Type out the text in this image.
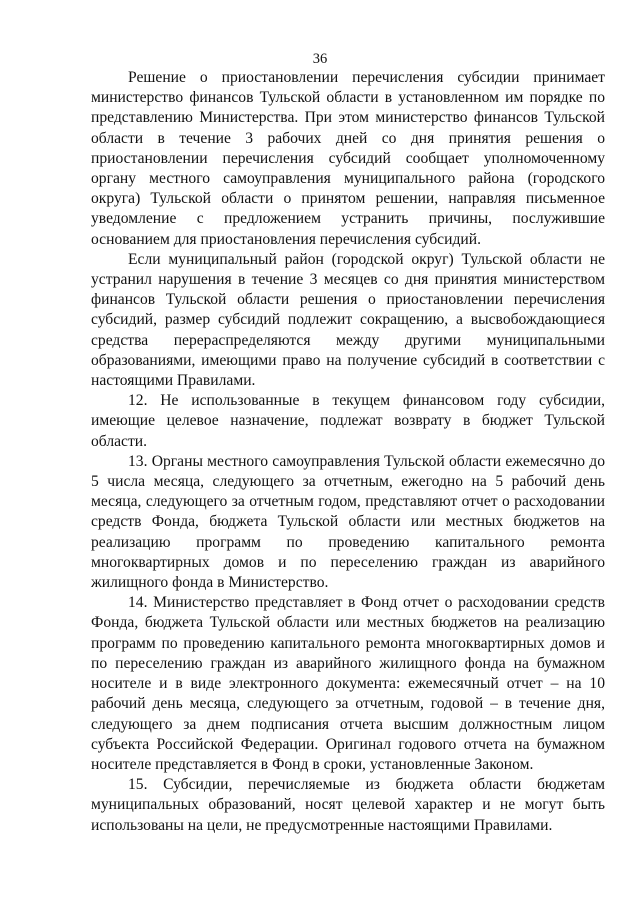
36

Решение о приостановлении перечисления субсидии принимает министерство финансов Тульской области в установленном им порядке по представлению Министерства. При этом министерство финансов Тульской области в течение 3 рабочих дней со дня принятия решения о приостановлении перечисления субсидий сообщает уполномоченному органу местного самоуправления муниципального района (городского округа) Тульской области о принятом решении, направляя письменное уведомление с предложением устранить причины, послужившие основанием для приостановления перечисления субсидий.

Если муниципальный район (городской округ) Тульской области не устранил нарушения в течение 3 месяцев со дня принятия министерством финансов Тульской области решения о приостановлении перечисления субсидий, размер субсидий подлежит сокращению, а высвобождающиеся средства перераспределяются между другими муниципальными образованиями, имеющими право на получение субсидий в соответствии с настоящими Правилами.

12. Не использованные в текущем финансовом году субсидии, имеющие целевое назначение, подлежат возврату в бюджет Тульской области.

13. Органы местного самоуправления Тульской области ежемесячно до 5 числа месяца, следующего за отчетным, ежегодно на 5 рабочий день месяца, следующего за отчетным годом, представляют отчет о расходовании средств Фонда, бюджета Тульской области или местных бюджетов на реализацию программ по проведению капитального ремонта многоквартирных домов и по переселению граждан из аварийного жилищного фонда в Министерство.

14. Министерство представляет в Фонд отчет о расходовании средств Фонда, бюджета Тульской области или местных бюджетов на реализацию программ по проведению капитального ремонта многоквартирных домов и по переселению граждан из аварийного жилищного фонда на бумажном носителе и в виде электронного документа: ежемесячный отчет – на 10 рабочий день месяца, следующего за отчетным, годовой – в течение дня, следующего за днем подписания отчета высшим должностным лицом субъекта Российской Федерации. Оригинал годового отчета на бумажном носителе представляется в Фонд в сроки, установленные Законом.

15. Субсидии, перечисляемые из бюджета области бюджетам муниципальных образований, носят целевой характер и не могут быть использованы на цели, не предусмотренные настоящими Правилами.
